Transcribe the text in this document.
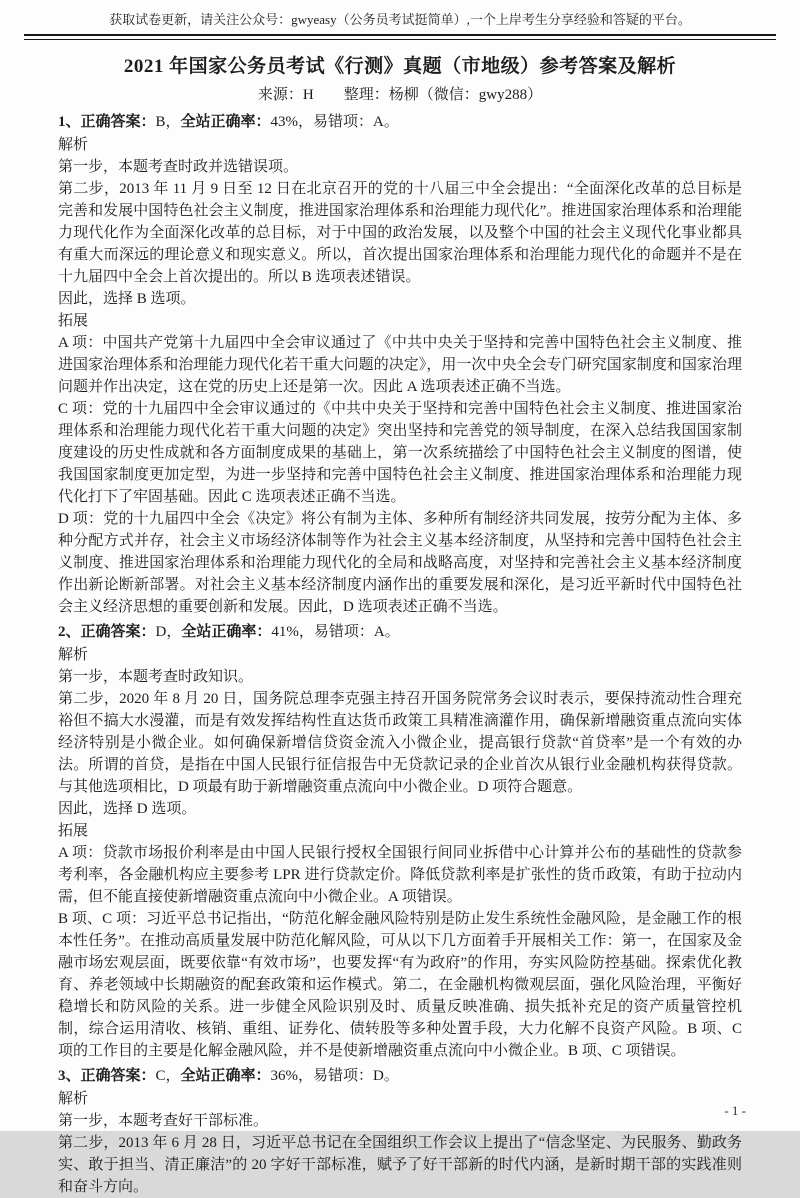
获取试卷更新，请关注公众号：gwyeasy（公务员考试挺简单）,一个上岸考生分享经验和答疑的平台。
2021 年国家公务员考试《行测》真题（市地级）参考答案及解析
来源：H 整理：杨柳（微信：gwy288）

1、正确答案：B，全站正确率：43%，易错项：A。

解析

第一步，本题考查时政并选错误项。

第二步，2013 年 11 月 9 日至 12 日在北京召开的党的十八届三中全会提出：“全面深化改革的总目标是完善和发展中国特色社会主义制度，推进国家治理体系和治理能力现代化”。推进国家治理体系和治理能力现代化作为全面深化改革的总目标，对于中国的政治发展，以及整个中国的社会主义现代化事业都具有重大而深远的理论意义和现实意义。所以，首次提出国家治理体系和治理能力现代化的命题并不是在十九届四中全会上首次提出的。所以 B 选项表述错误。

因此，选择 B 选项。

拓展

A 项：中国共产党第十九届四中全会审议通过了《中共中央关于坚持和完善中国特色社会主义制度、推进国家治理体系和治理能力现代化若干重大问题的决定》，用一次中央全会专门研究国家制度和国家治理问题并作出决定，这在党的历史上还是第一次。因此 A 选项表述正确不当选。

C 项：党的十九届四中全会审议通过的《中共中央关于坚持和完善中国特色社会主义制度、推进国家治理体系和治理能力现代化若干重大问题的决定》突出坚持和完善党的领导制度，在深入总结我国国家制度建设的历史性成就和各方面制度成果的基础上，第一次系统描绘了中国特色社会主义制度的图谱，使我国国家制度更加定型，为进一步坚持和完善中国特色社会主义制度、推进国家治理体系和治理能力现代化打下了牢固基础。因此 C 选项表述正确不当选。

D 项：党的十九届四中全会《决定》将公有制为主体、多种所有制经济共同发展，按劳分配为主体、多种分配方式并存，社会主义市场经济体制等作为社会主义基本经济制度，从坚持和完善中国特色社会主义制度、推进国家治理体系和治理能力现代化的全局和战略高度，对坚持和完善社会主义基本经济制度作出新论断新部署。对社会主义基本经济制度内涵作出的重要发展和深化，是习近平新时代中国特色社会主义经济思想的重要创新和发展。因此，D 选项表述正确不当选。

2、正确答案：D，全站正确率：41%，易错项：A。

解析

第一步，本题考查时政知识。

第二步，2020 年 8 月 20 日，国务院总理李克强主持召开国务院常务会议时表示，要保持流动性合理充裕但不搞大水漫灌，而是有效发挥结构性直达货币政策工具精准滴灌作用，确保新增融资重点流向实体经济特别是小微企业。如何确保新增信贷资金流入小微企业，提高银行贷款“首贷率”是一个有效的办法。所谓的首贷，是指在中国人民银行征信报告中无贷款记录的企业首次从银行业金融机构获得贷款。与其他选项相比，D 项最有助于新增融资重点流向中小微企业。D 项符合题意。

因此，选择 D 选项。

拓展

A 项：贷款市场报价利率是由中国人民银行授权全国银行间同业拆借中心计算并公布的基础性的贷款参考利率，各金融机构应主要参考 LPR 进行贷款定价。降低贷款利率是扩张性的货币政策，有助于拉动内需，但不能直接使新增融资重点流向中小微企业。A 项错误。

B 项、C 项：习近平总书记指出，“防范化解金融风险特别是防止发生系统性金融风险，是金融工作的根本性任务”。在推动高质量发展中防范化解风险，可从以下几方面着手开展相关工作：第一，在国家及金融市场宏观层面，既要依靠“有效市场”，也要发挥“有为政府”的作用，夯实风险防控基础。探索优化教育、养老领域中长期融资的配套政策和运作模式。第二，在金融机构微观层面，强化风险治理，平衡好稳增长和防风险的关系。进一步健全风险识别及时、质量反映准确、损失抵补充足的资产质量管控机制，综合运用清收、核销、重组、证券化、债转股等多种处置手段，大力化解不良资产风险。B 项、C 项的工作目的主要是化解金融风险，并不是使新增融资重点流向中小微企业。B 项、C 项错误。

3、正确答案：C，全站正确率：36%，易错项：D。

解析

第一步，本题考查好干部标准。

第二步，2013 年 6 月 28 日，习近平总书记在全国组织工作会议上提出了“信念坚定、为民服务、勤政务实、敢于担当、清正廉洁”的 20 字好干部标准，赋予了好干部新的时代内涵，是新时期干部的实践准则和奋斗方向。

- 1 -
